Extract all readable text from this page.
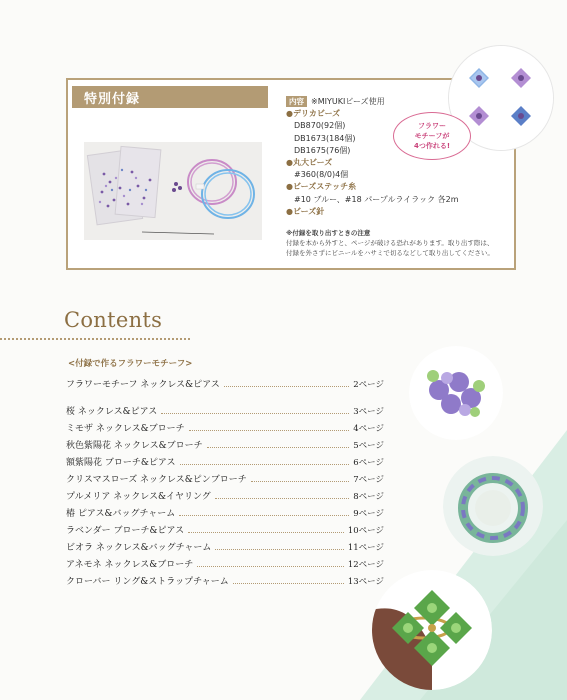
特別付録	内容 ※MIYUKIビーズ使用
●デリカビーズ
DB870(92個)
DB1673(184個)
DB1675(76個)
●丸大ビーズ
#360(8/0)4個
●ビーズステッチ糸
#10 ブルー、#18 パープルライラック 各2m
●ビーズ針
※付録を取り出すときの注意
付録を本から外すと、ページが破ける恐れがあります。取り出す際は、
付録を外さずにビニールをハサミで切るなどして取り出してください。
フラワー
モチーフが
4つ作れる!
Contents
<付録で作るフラワーモチーフ>
フラワーモチーフ ネックレス&ピアス	2ページ
桜 ネックレス&ピアス	3ページ
ミモザ ネックレス&ブローチ	4ページ
秋色紫陽花 ネックレス&ブローチ	5ページ
額紫陽花 ブローチ&ピアス	6ページ
クリスマスローズ ネックレス&ピンブローチ	7ページ
プルメリア ネックレス&イヤリング	8ページ
椿 ピアス&バッグチャーム	9ページ
ラベンダー ブローチ&ピアス	10ページ
ビオラ ネックレス&バッグチャーム	11ページ
アネモネ ネックレス&ブローチ	12ページ
クローバー リング&ストラップチャーム	13ページ
